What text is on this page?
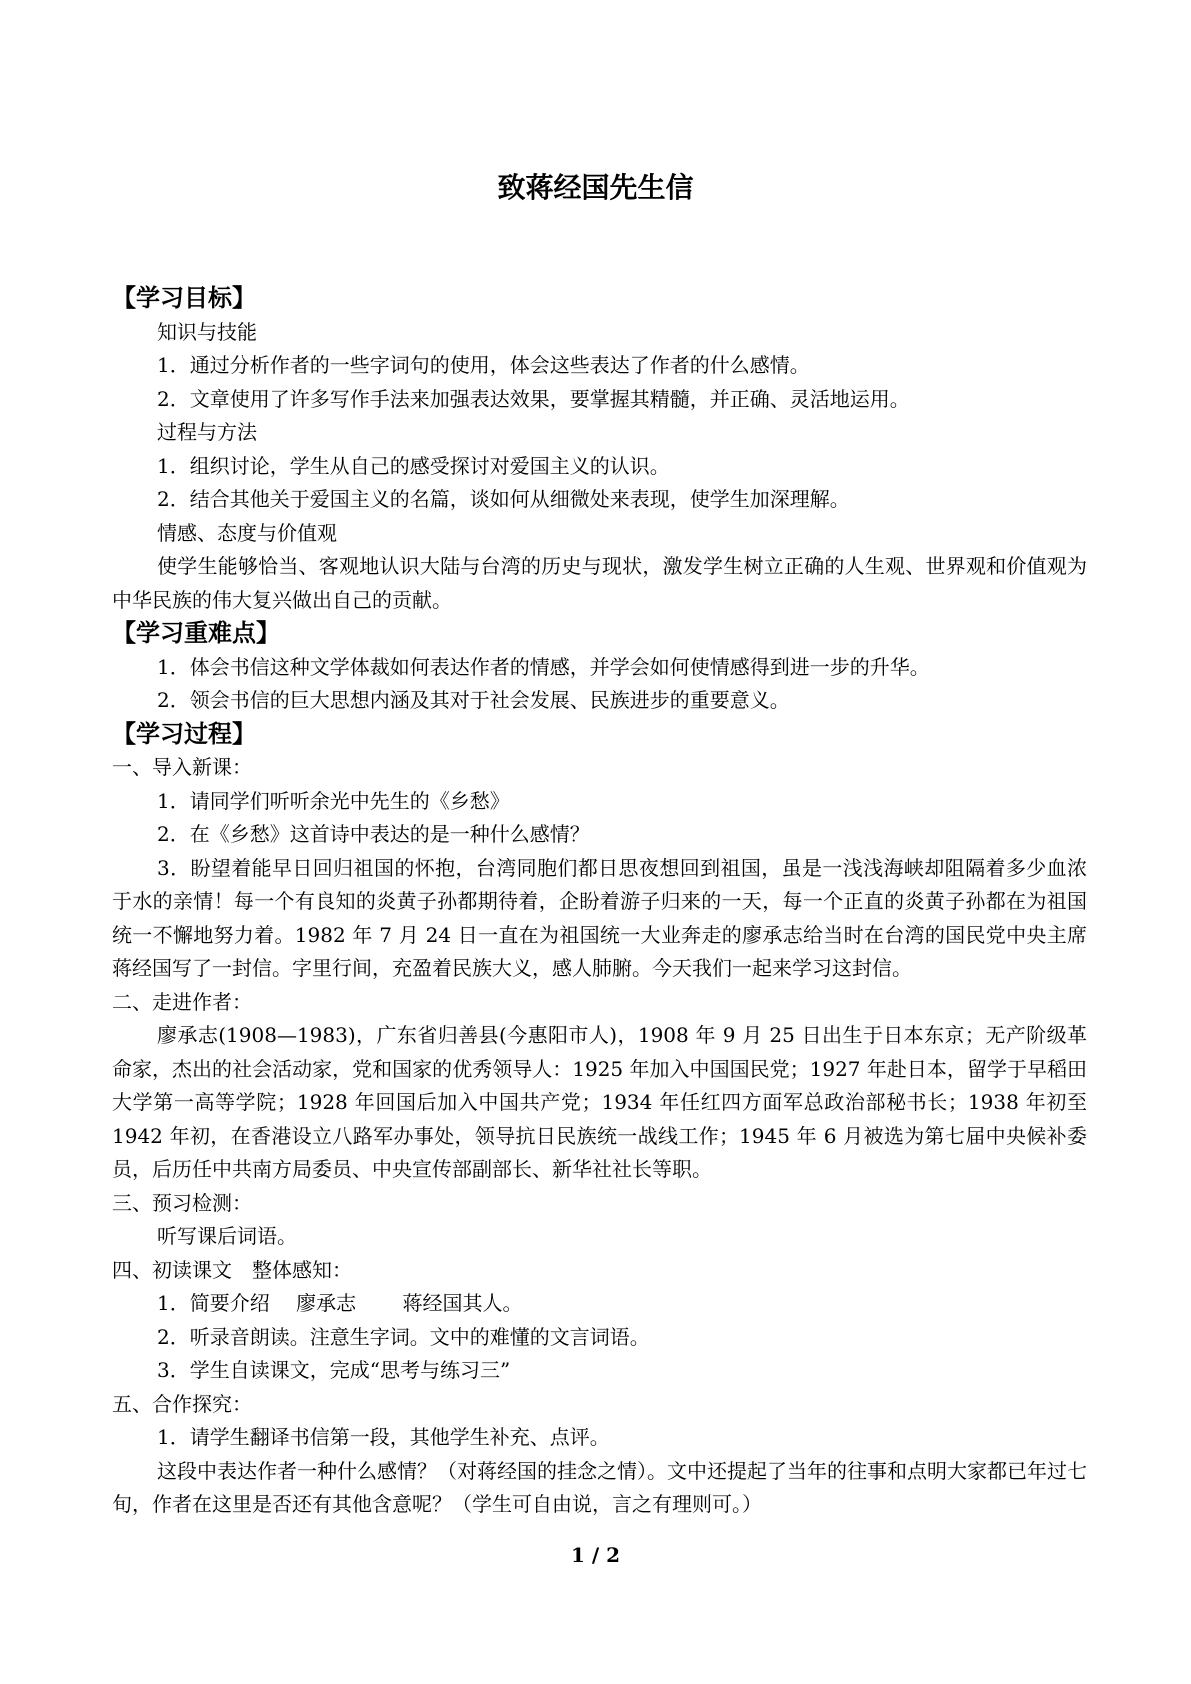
致蒋经国先生信
【学习目标】
知识与技能
1．通过分析作者的一些字词句的使用，体会这些表达了作者的什么感情。
2．文章使用了许多写作手法来加强表达效果，要掌握其精髓，并正确、灵活地运用。
过程与方法
1．组织讨论，学生从自己的感受探讨对爱国主义的认识。
2．结合其他关于爱国主义的名篇，谈如何从细微处来表现，使学生加深理解。
情感、态度与价值观
使学生能够恰当、客观地认识大陆与台湾的历史与现状，激发学生树立正确的人生观、世界观和价值观为中华民族的伟大复兴做出自己的贡献。
【学习重难点】
1．体会书信这种文学体裁如何表达作者的情感，并学会如何使情感得到进一步的升华。
2．领会书信的巨大思想内涵及其对于社会发展、民族进步的重要意义。
【学习过程】
一、导入新课：
1．请同学们听听余光中先生的《乡愁》
2．在《乡愁》这首诗中表达的是一种什么感情？
3．盼望着能早日回归祖国的怀抱，台湾同胞们都日思夜想回到祖国，虽是一浅浅海峡却阻隔着多少血浓于水的亲情！每一个有良知的炎黄子孙都期待着，企盼着游子归来的一天，每一个正直的炎黄子孙都在为祖国统一不懈地努力着。1982 年 7 月 24 日一直在为祖国统一大业奔走的廖承志给当时在台湾的国民党中央主席蒋经国写了一封信。字里行间，充盈着民族大义，感人肺腑。今天我们一起来学习这封信。
二、走进作者：
廖承志(1908—1983)，广东省归善县(今惠阳市人)，1908 年 9 月 25 日出生于日本东京；无产阶级革命家，杰出的社会活动家，党和国家的优秀领导人：1925 年加入中国国民党；1927 年赴日本，留学于早稻田大学第一高等学院；1928 年回国后加入中国共产党；1934 年任红四方面军总政治部秘书长；1938 年初至 1942 年初，在香港设立八路军办事处，领导抗日民族统一战线工作；1945 年 6 月被选为第七届中央候补委员，后历任中共南方局委员、中央宣传部副部长、新华社社长等职。
三、预习检测：
听写课后词语。
四、初读课文　整体感知：
1．简要介绍　 廖承志　　 蒋经国其人。
2．听录音朗读。注意生字词。文中的难懂的文言词语。
3．学生自读课文，完成“思考与练习三”
五、合作探究：
1．请学生翻译书信第一段，其他学生补充、点评。
这段中表达作者一种什么感情？（对蒋经国的挂念之情）。文中还提起了当年的往事和点明大家都已年过七旬，作者在这里是否还有其他含意呢？（学生可自由说，言之有理则可。）
1 / 2
